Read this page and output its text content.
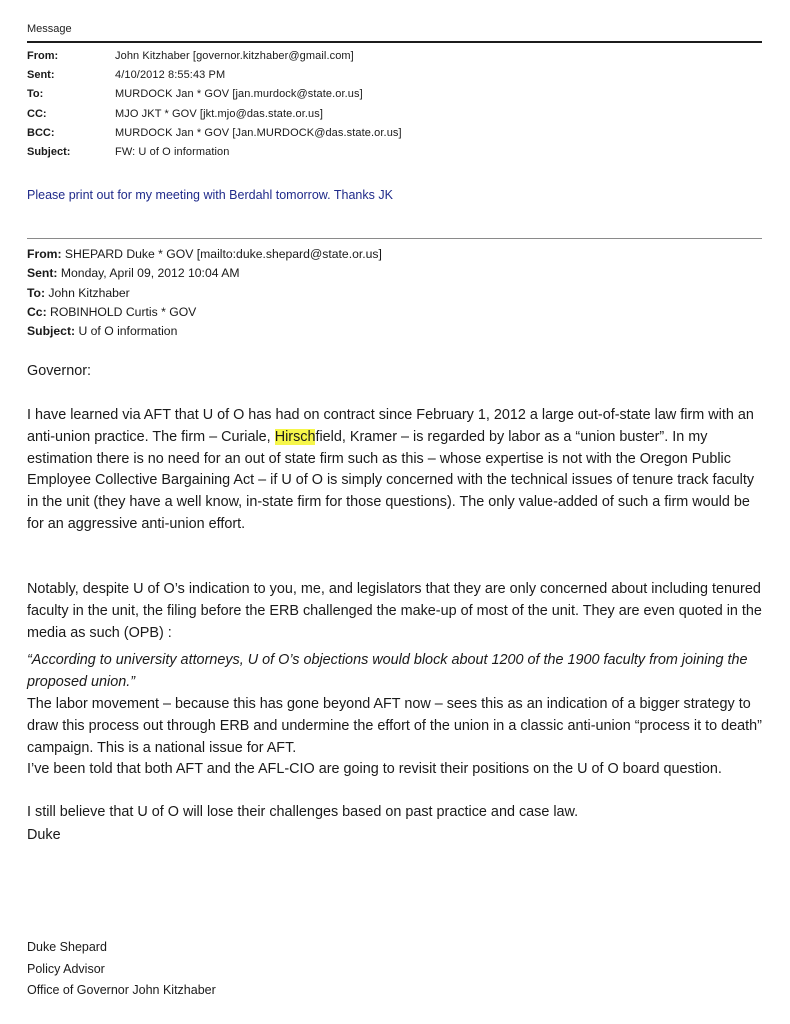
Message
From:	John Kitzhaber [governor.kitzhaber@gmail.com]
Sent:	4/10/2012 8:55:43 PM
To:	MURDOCK Jan * GOV [jan.murdock@state.or.us]
CC:	MJO JKT * GOV [jkt.mjo@das.state.or.us]
BCC:	MURDOCK Jan * GOV [Jan.MURDOCK@das.state.or.us]
Subject:	FW: U of O information
Please print out for my meeting with Berdahl tomorrow. Thanks JK
From: SHEPARD Duke * GOV [mailto:duke.shepard@state.or.us]
Sent: Monday, April 09, 2012 10:04 AM
To: John Kitzhaber
Cc: ROBINHOLD Curtis * GOV
Subject: U of O information

Governor:

I have learned via AFT that U of O has had on contract since February 1, 2012 a large out-of-state law firm with an anti-union practice. The firm – Curiale, Hirschfield, Kramer – is regarded by labor as a “union buster”. In my estimation there is no need for an out of state firm such as this – whose expertise is not with the Oregon Public Employee Collective Bargaining Act – if U of O is simply concerned with the technical issues of tenure track faculty in the unit (they have a well know, in-state firm for those questions). The only value-added of such a firm would be for an aggressive anti-union effort.

Notably, despite U of O’s indication to you, me, and legislators that they are only concerned about including tenured faculty in the unit, the filing before the ERB challenged the make-up of most of the unit. They are even quoted in the media as such (OPB) :

“According to university attorneys, U of O’s objections would block about 1200 of the 1900 faculty from joining the proposed union.”

The labor movement – because this has gone beyond AFT now – sees this as an indication of a bigger strategy to draw this process out through ERB and undermine the effort of the union in a classic anti-union “process it to death” campaign. This is a national issue for AFT.

I’ve been told that both AFT and the AFL-CIO are going to revisit their positions on the U of O board question.

I still believe that U of O will lose their challenges based on past practice and case law.

Duke

Duke Shepard
Policy Advisor
Office of Governor John Kitzhaber
